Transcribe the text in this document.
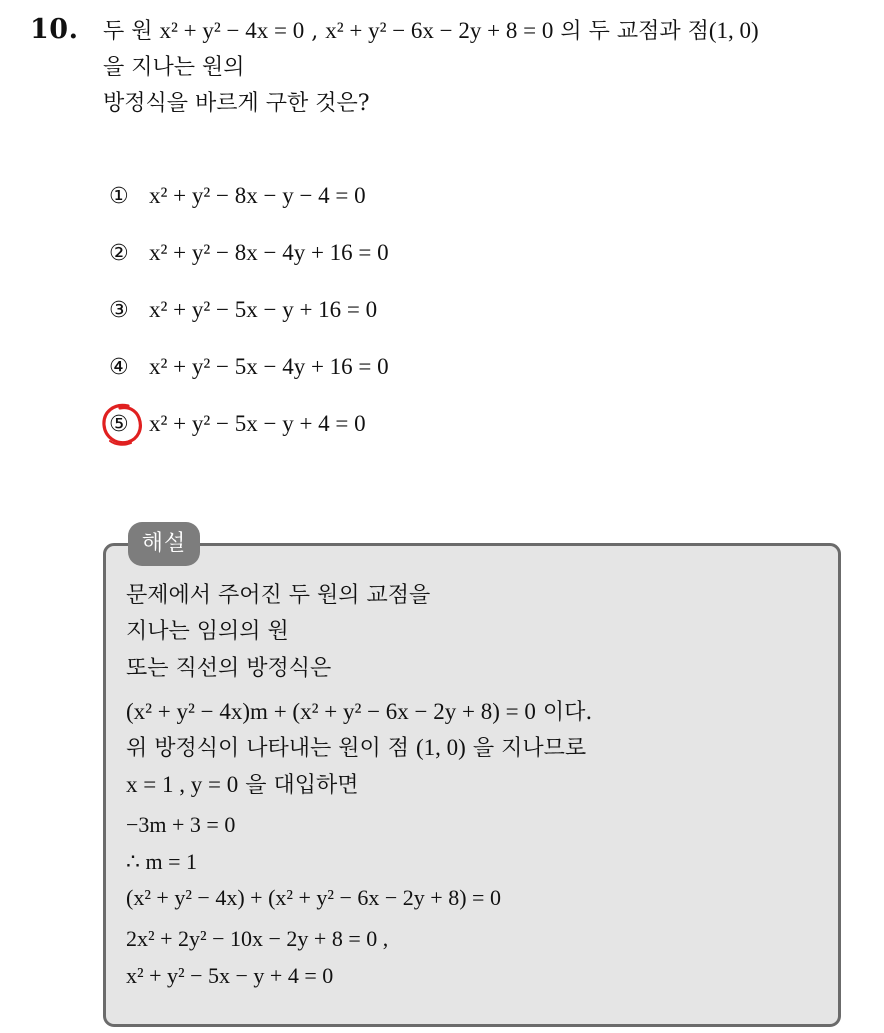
10. 두 원 x² + y² − 4x = 0 , x² + y² − 6x − 2y + 8 = 0 의 두 교점과 점(1, 0)
을 지나는 원의
방정식을 바르게 구한 것은?
① x² + y² − 8x − y − 4 = 0
② x² + y² − 8x − 4y + 16 = 0
③ x² + y² − 5x − y + 16 = 0
④ x² + y² − 5x − 4y + 16 = 0
⑤ x² + y² − 5x − y + 4 = 0
해설
문제에서 주어진 두 원의 교점을
지나는 임의의 원
또는 직선의 방정식은
(x² + y² − 4x)m + (x² + y² − 6x − 2y + 8) = 0 이다.
위 방정식이 나타내는 원이 점 (1, 0) 을 지나므로
x = 1 , y = 0 을 대입하면
−3m + 3 = 0
∴ m = 1
(x² + y² − 4x) + (x² + y² − 6x − 2y + 8) = 0
2x² + 2y² − 10x − 2y + 8 = 0 ,
x² + y² − 5x − y + 4 = 0
